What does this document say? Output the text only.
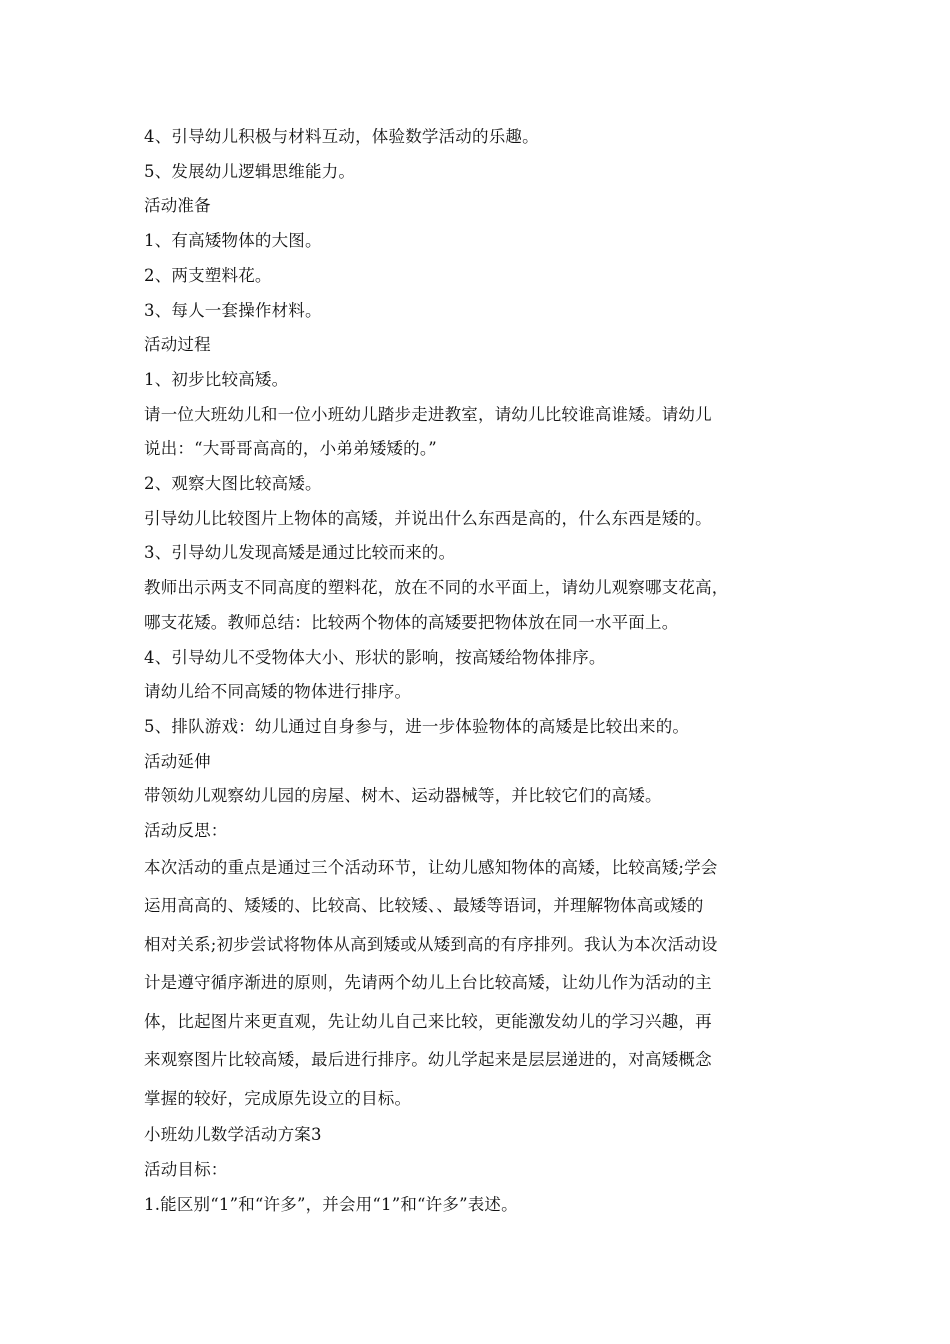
4、引导幼儿积极与材料互动，体验数学活动的乐趣。
5、发展幼儿逻辑思维能力。
活动准备
1、有高矮物体的大图。
2、两支塑料花。
3、每人一套操作材料。
活动过程
1、初步比较高矮。
请一位大班幼儿和一位小班幼儿踏步走进教室，请幼儿比较谁高谁矮。请幼儿
说出：“大哥哥高高的，小弟弟矮矮的。”
2、观察大图比较高矮。
引导幼儿比较图片上物体的高矮，并说出什么东西是高的，什么东西是矮的。
3、引导幼儿发现高矮是通过比较而来的。
教师出示两支不同高度的塑料花，放在不同的水平面上，请幼儿观察哪支花高，
哪支花矮。教师总结：比较两个物体的高矮要把物体放在同一水平面上。
4、引导幼儿不受物体大小、形状的影响，按高矮给物体排序。
请幼儿给不同高矮的物体进行排序。
5、排队游戏：幼儿通过自身参与，进一步体验物体的高矮是比较出来的。
活动延伸
带领幼儿观察幼儿园的房屋、树木、运动器械等，并比较它们的高矮。
活动反思：
本次活动的重点是通过三个活动环节，让幼儿感知物体的高矮，比较高矮;学会
运用高高的、矮矮的、比较高、比较矮、、最矮等语词，并理解物体高或矮的
相对关系;初步尝试将物体从高到矮或从矮到高的有序排列。我认为本次活动设
计是遵守循序渐进的原则，先请两个幼儿上台比较高矮，让幼儿作为活动的主
体，比起图片来更直观，先让幼儿自己来比较，更能激发幼儿的学习兴趣，再
来观察图片比较高矮，最后进行排序。幼儿学起来是层层递进的，对高矮概念
掌握的较好，完成原先设立的目标。
小班幼儿数学活动方案3
活动目标：
1.能区别“1”和“许多”，并会用“1”和“许多”表述。
